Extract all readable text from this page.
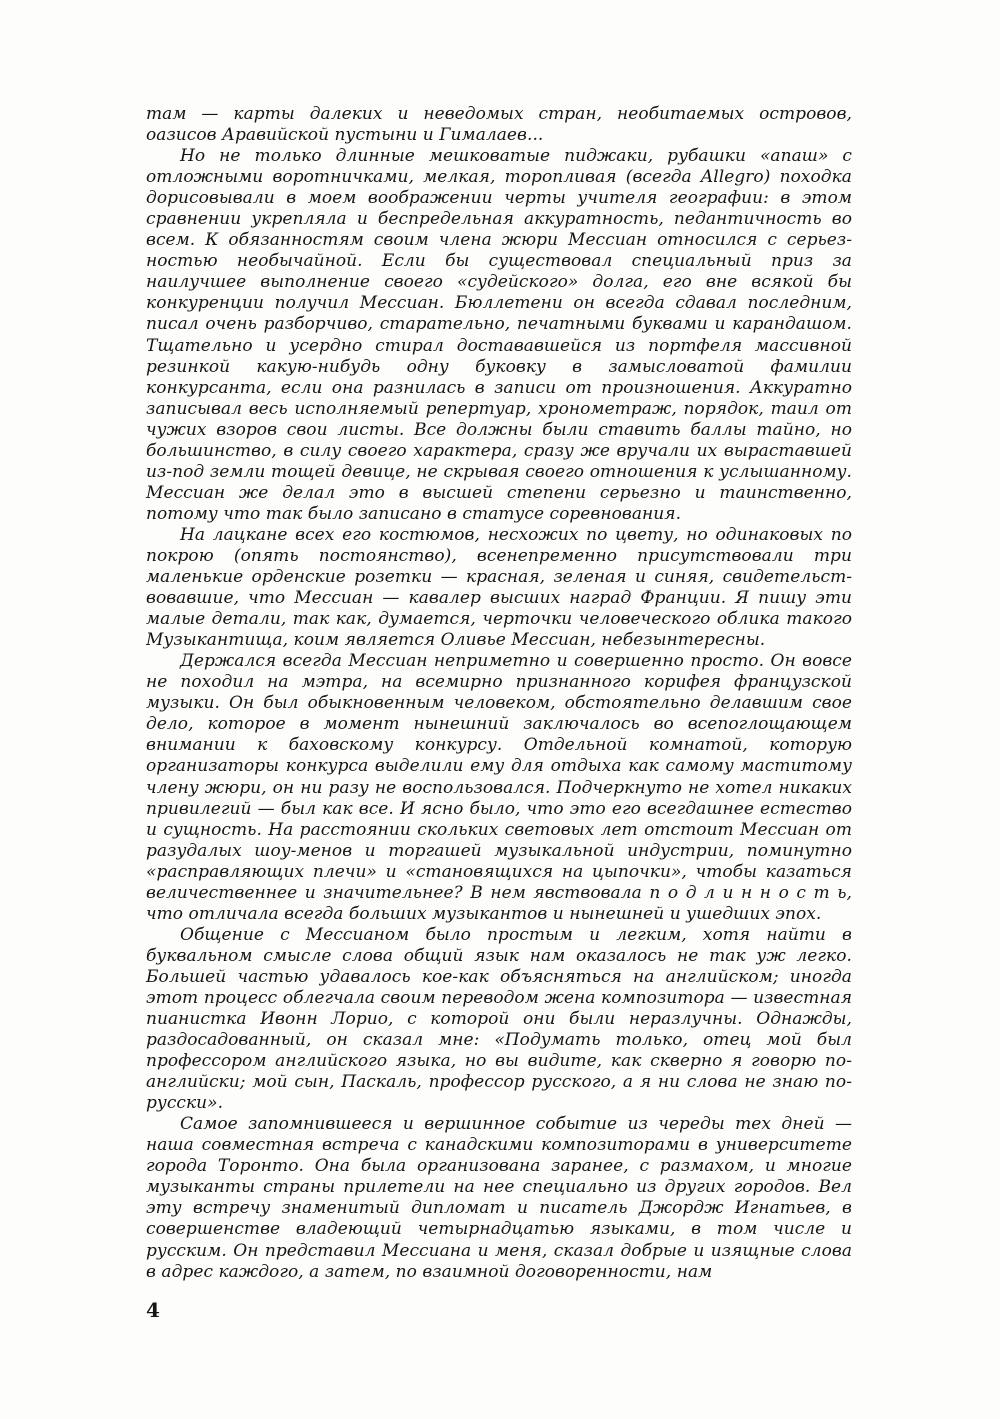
там — карты далеких и неведомых стран, необитаемых островов, оазисов Аравийской пустыни и Гималаев...

Но не только длинные мешковатые пиджаки, рубашки «апаш» с отложными воротничками, мелкая, торопливая (всегда Allegro) походка дорисовывали в моем воображении черты учителя географии: в этом сравнении укрепляла и беспредельная аккуратность, педантичность во всем. К обязанностям своим члена жюри Мессиан относился с серьезностью необычайной. Если бы существовал специальный приз за наилучшее выполнение своего «судейского» долга, его вне всякой бы конкуренции получил Мессиан. Бюллетени он всегда сдавал последним, писал очень разборчиво, старательно, печатными буквами и карандашом. Тщательно и усердно стирал достававшейся из портфеля массивной резинкой какую-нибудь одну буковку в замысловатой фамилии конкурсанта, если она разнилась в записи от произношения. Аккуратно записывал весь исполняемый репертуар, хронометраж, порядок, таил от чужих взоров свои листы. Все должны были ставить баллы тайно, но большинство, в силу своего характера, сразу же вручали их выраставшей из-под земли тощей девице, не скрывая своего отношения к услышанному. Мессиан же делал это в высшей степени серьезно и таинственно, потому что так было записано в статусе соревнования.

На лацкане всех его костюмов, несхожих по цвету, но одинаковых по покрою (опять постоянство), всенепременно присутствовали три маленькие орденские розетки — красная, зеленая и синяя, свидетельствовавшие, что Мессиан — кавалер высших наград Франции. Я пишу эти малые детали, так как, думается, черточки человеческого облика такого Музыкантища, коим является Оливье Мессиан, небезынтересны.

Держался всегда Мессиан неприметно и совершенно просто. Он вовсе не походил на мэтра, на всемирно признанного корифея французской музыки. Он был обыкновенным человеком, обстоятельно делавшим свое дело, которое в момент нынешний заключалось во всепоглощающем внимании к баховскому конкурсу. Отдельной комнатой, которую организаторы конкурса выделили ему для отдыха как самому маститому члену жюри, он ни разу не воспользовался. Подчеркнуто не хотел никаких привилегий — был как все. И ясно было, что это его всегдашнее естество и сущность. На расстоянии скольких световых лет отстоит Мессиан от разудалых шоу-менов и торгашей музыкальной индустрии, поминутно «расправляющих плечи» и «становящихся на цыпочки», чтобы казаться величественнее и значительнее? В нем явствовала п о д л и н н о с т ь, что отличала всегда больших музыкантов и нынешней и ушедших эпох.

Общение с Мессианом было простым и легким, хотя найти в буквальном смысле слова общий язык нам оказалось не так уж легко. Большей частью удавалось кое-как объясняться на английском; иногда этот процесс облегчала своим переводом жена композитора — известная пианистка Ивонн Лорио, с которой они были неразлучны. Однажды, раздосадованный, он сказал мне: «Подумать только, отец мой был профессором английского языка, но вы видите, как скверно я говорю по-английски; мой сын, Паскаль, профессор русского, а я ни слова не знаю по-русски».

Самое запомнившееся и вершинное событие из череды тех дней — наша совместная встреча с канадскими композиторами в университете города Торонто. Она была организована заранее, с размахом, и многие музыканты страны прилетели на нее специально из других городов. Вел эту встречу знаменитый дипломат и писатель Джордж Игнатьев, в совершенстве владеющий четырнадцатью языками, в том числе и русским. Он представил Мессиана и меня, сказал добрые и изящные слова в адрес каждого, а затем, по взаимной договоренности, нам

4
